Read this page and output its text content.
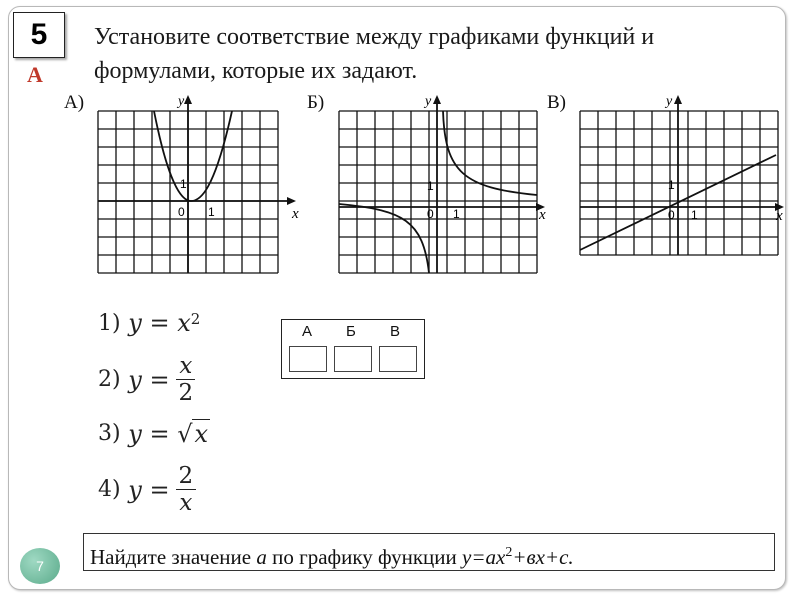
5
А
Установите соответствие между графиками функций и формулами, которые их задают.
А)	Б)	В)
y
x
0 1
1
y
x
0 1
1
y
x
0 1
1
1)
y
=
$x^2$
2)
y
= $\frac{x}{2}$
3)
y
=
√ x
4)
y
= $\frac{2}{x}$
А Б В
Найдите значение a по графику функции $y=ax^2+вx+c$.
7
